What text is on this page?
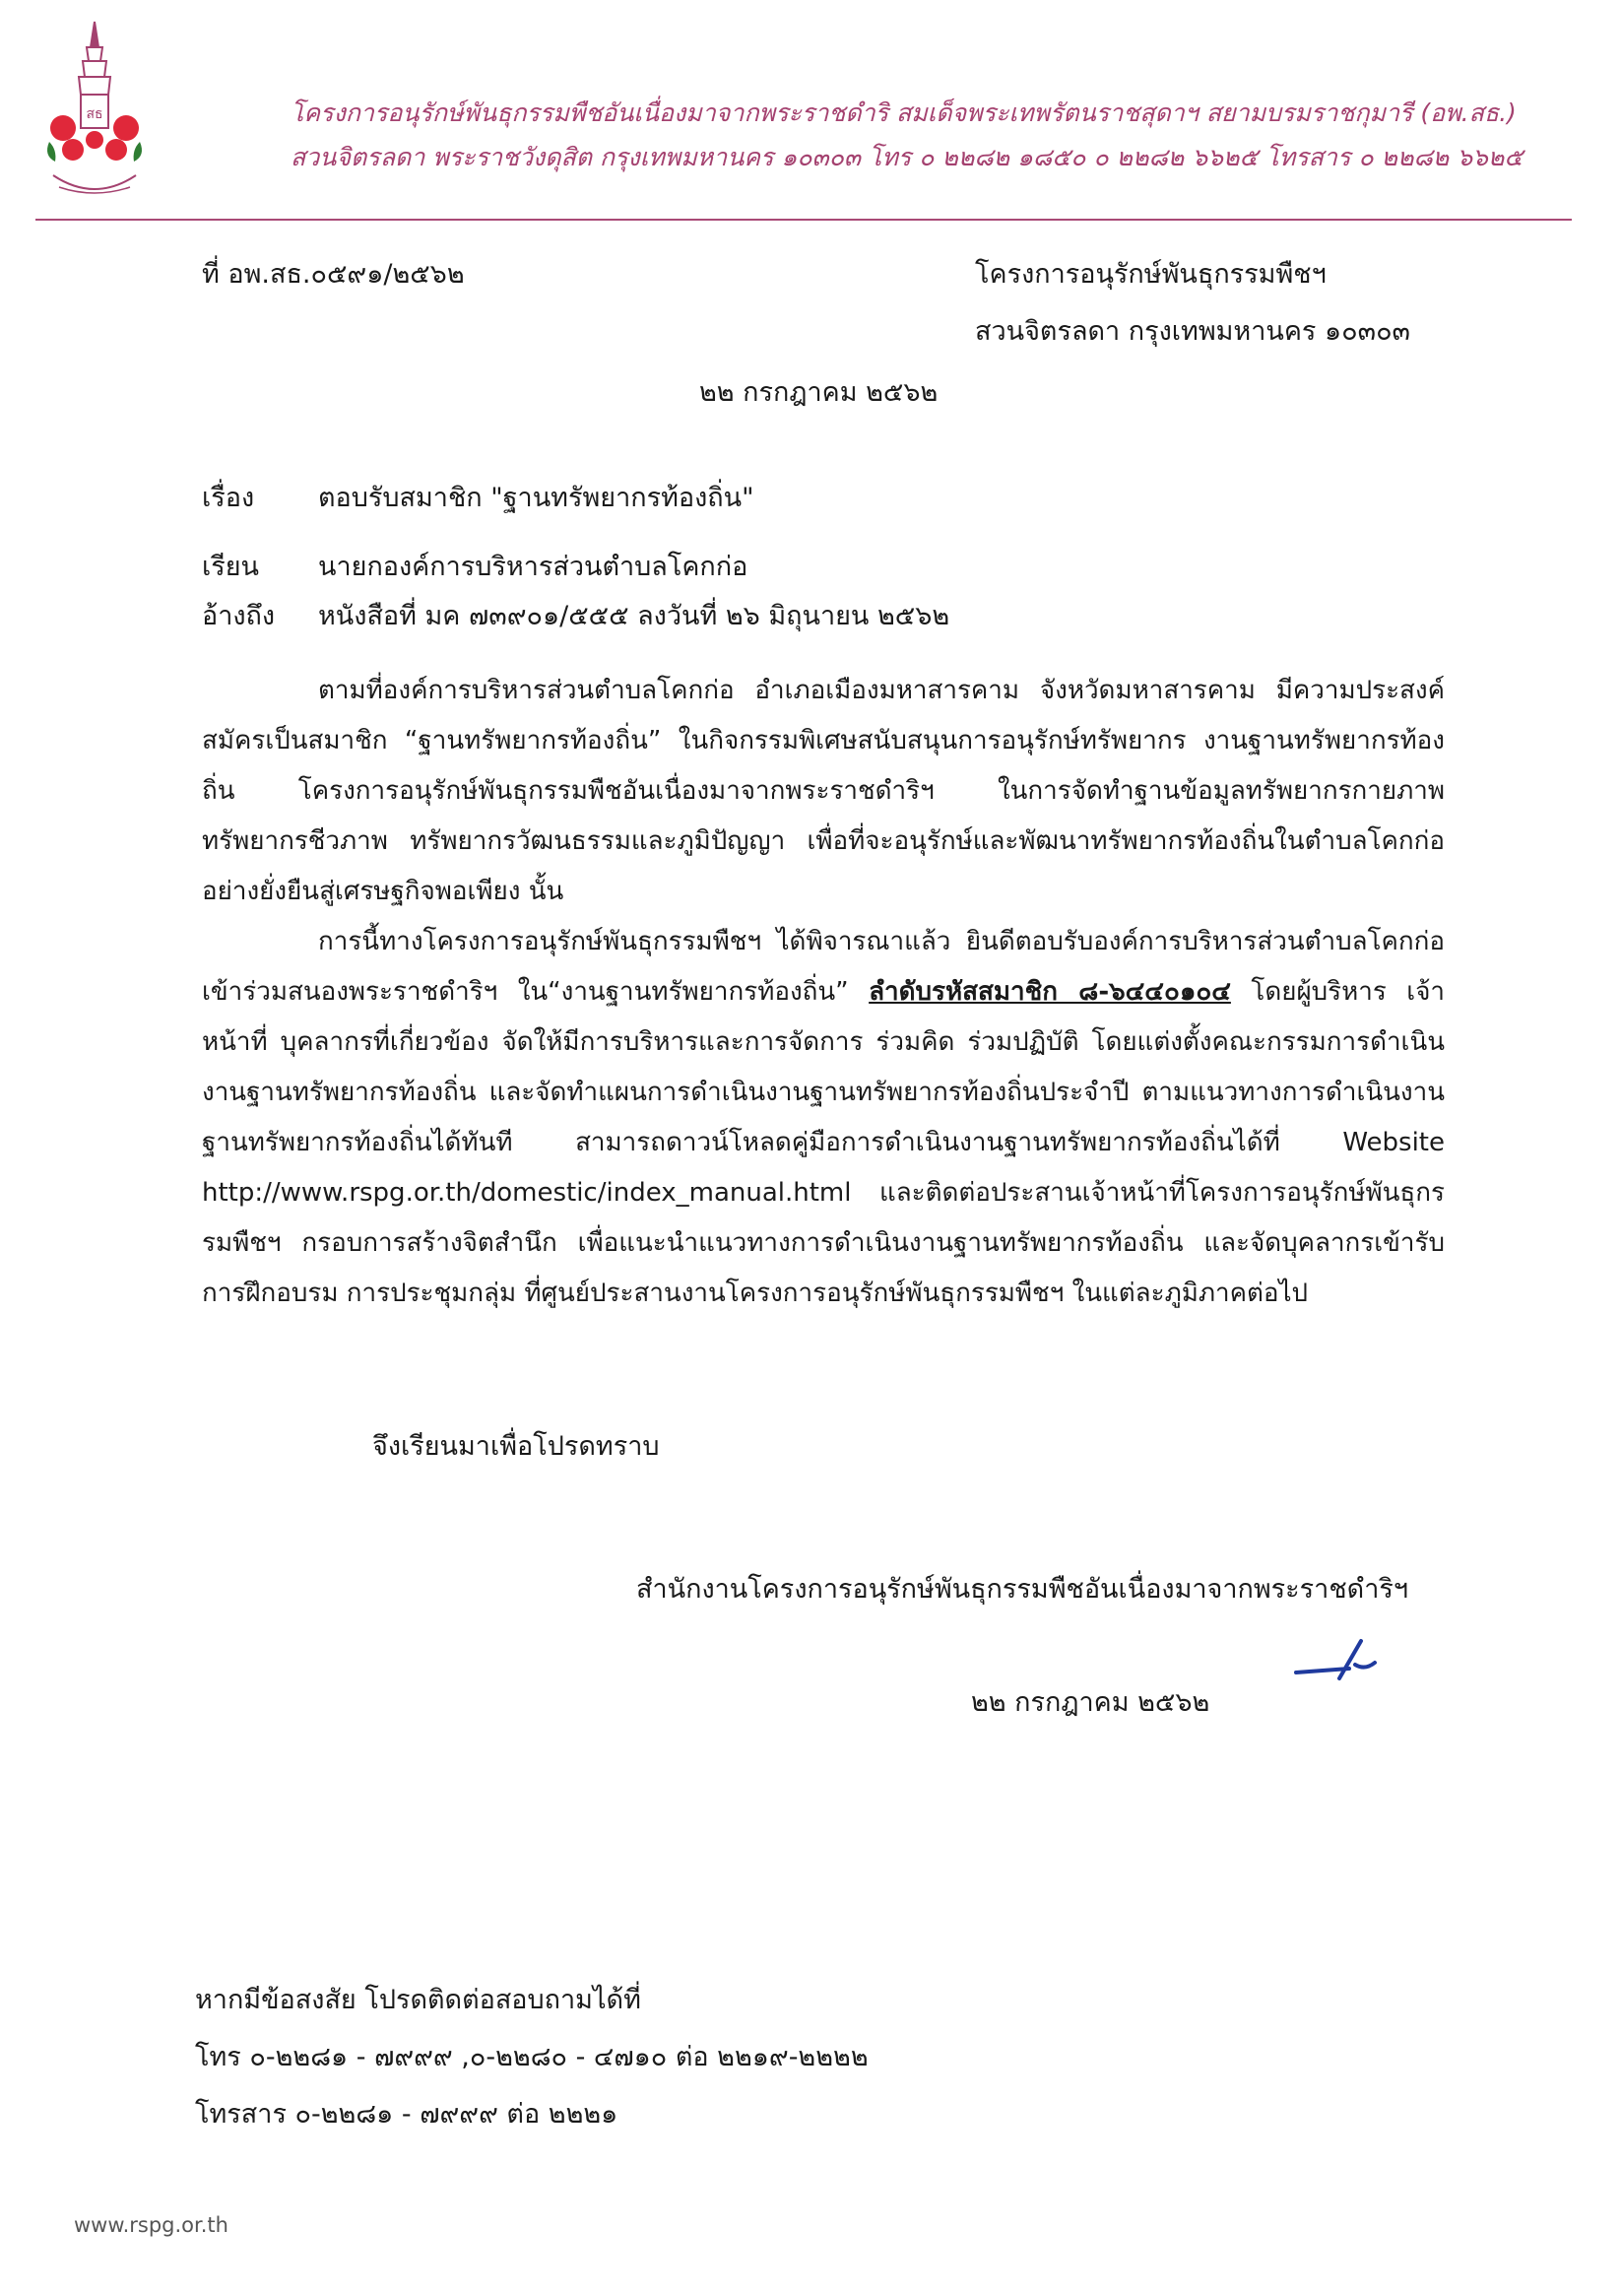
สธ	โครงการอนุรักษ์พันธุกรรมพืชอันเนื่องมาจากพระราชดำริ สมเด็จพระเทพรัตนราชสุดาฯ สยามบรมราชกุมารี (อพ.สธ.)
สวนจิตรลดา พระราชวังดุสิต กรุงเทพมหานคร ๑๐๓๐๓ โทร ๐ ๒๒๘๒ ๑๘๕๐ ๐ ๒๒๘๒ ๖๖๒๕ โทรสาร ๐ ๒๒๘๒ ๖๖๒๕
ที่ อพ.สธ.๐๕๙๑/๒๕๖๒	โครงการอนุรักษ์พันธุกรรมพืชฯ
สวนจิตรลดา กรุงเทพมหานคร ๑๐๓๐๓
๒๒ กรกฎาคม ๒๕๖๒
เรื่อง ตอบรับสมาชิก "ฐานทรัพยากรท้องถิ่น"
เรียน นายกองค์การบริหารส่วนตำบลโคกก่อ
อ้างถึง หนังสือที่ มค ๗๓๙๐๑/๕๕๕ ลงวันที่ ๒๖ มิถุนายน ๒๕๖๒
ตามที่องค์การบริหารส่วนตำบลโคกก่อ อำเภอเมืองมหาสารคาม จังหวัดมหาสารคาม มีความประสงค์สมัครเป็นสมาชิก “ฐานทรัพยากรท้องถิ่น” ในกิจกรรมพิเศษสนับสนุนการอนุรักษ์ทรัพยากร งานฐานทรัพยากรท้องถิ่น โครงการอนุรักษ์พันธุกรรมพืชอันเนื่องมาจากพระราชดำริฯ ในการจัดทำฐานข้อมูลทรัพยากรกายภาพ ทรัพยากรชีวภาพ ทรัพยากรวัฒนธรรมและภูมิปัญญา เพื่อที่จะอนุรักษ์และพัฒนาทรัพยากรท้องถิ่นในตำบลโคกก่ออย่างยั่งยืนสู่เศรษฐกิจพอเพียง นั้น
การนี้ทางโครงการอนุรักษ์พันธุกรรมพืชฯ ได้พิจารณาแล้ว ยินดีตอบรับองค์การบริหารส่วนตำบลโคกก่อเข้าร่วมสนองพระราชดำริฯ ใน“งานฐานทรัพยากรท้องถิ่น” ลำดับรหัสสมาชิก ๘-๖๔๔๐๑๐๔ โดยผู้บริหาร เจ้าหน้าที่ บุคลากรที่เกี่ยวข้อง จัดให้มีการบริหารและการจัดการ ร่วมคิด ร่วมปฏิบัติ โดยแต่งตั้งคณะกรรมการดำเนินงานฐานทรัพยากรท้องถิ่น และจัดทำแผนการดำเนินงานฐานทรัพยากรท้องถิ่นประจำปี ตามแนวทางการดำเนินงานฐานทรัพยากรท้องถิ่นได้ทันที สามารถดาวน์โหลดคู่มือการดำเนินงานฐานทรัพยากรท้องถิ่นได้ที่ Website http://www.rspg.or.th/domestic/index_manual.html และติดต่อประสานเจ้าหน้าที่โครงการอนุรักษ์พันธุกรรมพืชฯ กรอบการสร้างจิตสำนึก เพื่อแนะนำแนวทางการดำเนินงานฐานทรัพยากรท้องถิ่น และจัดบุคลากรเข้ารับการฝึกอบรม การประชุมกลุ่ม ที่ศูนย์ประสานงานโครงการอนุรักษ์พันธุกรรมพืชฯ ในแต่ละภูมิภาคต่อไป
จึงเรียนมาเพื่อโปรดทราบ
สำนักงานโครงการอนุรักษ์พันธุกรรมพืชอันเนื่องมาจากพระราชดำริฯ
๒๒ กรกฎาคม ๒๕๖๒
หากมีข้อสงสัย โปรดติดต่อสอบถามได้ที่
โทร ๐-๒๒๘๑ - ๗๙๙๙ ,๐-๒๒๘๐ - ๔๗๑๐ ต่อ ๒๒๑๙-๒๒๒๒
โทรสาร ๐-๒๒๘๑ - ๗๙๙๙ ต่อ ๒๒๒๑
www.rspg.or.th
